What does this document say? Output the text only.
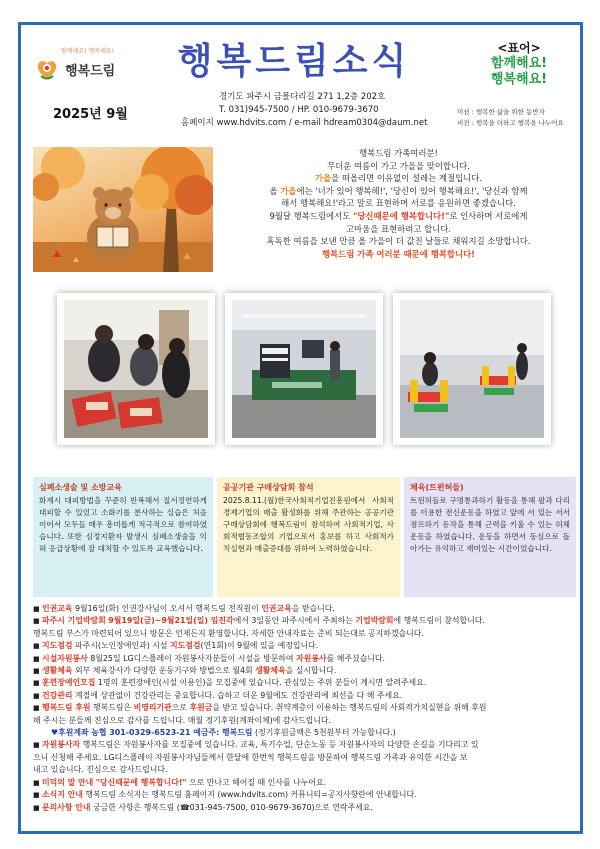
함께해요! 행복해요!
행복드림
2025년 9월
행복드림소식
경기도 파주시 금몰다리길 271 1,2층 202호
T. 031)945-7500 / HP. 010-9679-3670
홈페이지 www.hdvits.com / e-mail hdream0304@daum.net
<표어>
함께해요!
행복해요!
미션 : 행복한 삶을 위한 동반자
비전 : 행복을 더하고 행복을 나누어요
행복드림 가족여러분!
무더운 여름이 가고 가을을 맞이합니다.
가을을 떠올리면 이유없이 설레는 계절입니다.
올 가을에는 '너가 있어 행복해!', '당신이 있어 행복해요!', '당신과 함께
해서 행복해요!'라고 말로 표현하며 서로를 응원하면 좋겠습니다.
9월달 행복드림에서도 "당신때문에 행복합니다!"로 인사하며 서로에게
고마움을 표현하려고 합니다.
혹독한 여름을 보낸 만큼 올 가을이 더 값진 날들로 채워지길 소망합니다.
행복드림 가족 여러분 때문에 행복합니다!
심폐소생술 및 소방교육
화재시 대피방법을 꾸준히 반복해서 질서정연하게 대피할 수 있었고 소화기를 분사하는 실습은 처음이어서 모두들 매우 흥미롭게 적극적으로 참여하였습니다. 또한 심정지환자 발생시 심폐소생술을 익혀 응급상황에 잘 대처할 수 있도록 교육했습니다.
공공기관 구매상담회 참석
2025.8.11.(월)한국사회적기업진흥원에서 사회적경제기업의 매출 활성화를 위해 주관하는 공공기관 구매상담회에 행복드림이 참석하여 사회적기업, 사회적협동조합의 기업으로서 홍보를 하고 사회적가치실현과 매출증대를 위하여 노력하였습니다.
체육(트윈허들)
트윈허들로 구명통과하기 활동을 통해 팔과 다리를 이용한 전신운동을 하였고 앞에 서 있는 서서 점프하기 동작을 통해 근력을 키울 수 있는 허체운동을 하였습니다. 운동을 하면서 동심으로 돌아가는 유익하고 재미있는 시간이었습니다.
■ 인권교육 9월16일(화) 인권강사님이 오셔서 행복드림 전직원이 인권교육을 받습니다.
■ 파주시 기업박람회 9월19일(금)~9월21일(일) 임진각에서 3일동안 파주시에서 주최하는 기업박람회에 행복드림이 참석합니다.
행복드림 부스가 마련되어 있으니 방문은 언제든지 환영합니다. 자세한 안내자료는 준비 되는대로 공지하겠습니다.
■ 지도점검 파주시(노인장애인과) 시설 지도점검(연1회)이 9월에 있을 예정입니다.
■ 시설자원봉사 8월25일 LG디스플레이 자원봉사자분들이 시설을 방문하여 자원봉사를 해주셨습니다.
■ 생활체육 외부 체육강사가 다양한 운동기구와 방법으로 월4회 생활체육을 실시합니다.
■ 훈련장애인모집 1명의 훈련장애인(시설 이용인)을 모집중에 있습니다. 관심있는 주위 분들이 계시면 알려주세요.
■ 건강관리 계절에 상관없이 건강관리는 중요합니다. 습하고 더운 9월에도 건강관리에 최선을 다 해 주세요.
■ 행복드림 후원 행복드림은 비영리기관으로 후원금을 받고 있습니다. 취약계층이 이용하는 행복드림의 사회적가치실현을 위해 후원
해 주시는 분들께 진심으로 감사를 드립니다. 매월 정기후원(계좌이체)에 감사드립니다.
♥후원계좌 농협 301-0329-6523-21 예금주: 행복드림 (정기후원금액은 5천원부터 가능합니다.)
■ 자원봉사자 행복드림은 자원봉사자를 모집중에 있습니다. 교육, 특기수업, 단순노동 등 자원봉사자의 다양한 손길을 기다리고 있
으니 신청해 주세요. LG디스플레이 자원봉사자님들께서 한달에 한번씩 행복드림을 방문하여 행복드림 가족과 유익한 시간을 보
내고 있습니다. 진심으로 감사드립니다.
■ 미덕의 말 안내 "당신때문에 행복합니다!" 으로 만나고 헤어질 때 인사를 나누어요.
■ 소식지 안내 행복드림 소식지는 행복드림 홈페이지 (www.hdvits.com) 커뮤니티=공지사항란에 안내합니다.
■ 문의사항 안내 궁금한 사항은 행복드림 (☎031-945-7500, 010-9679-3670)으로 연락주세요.
